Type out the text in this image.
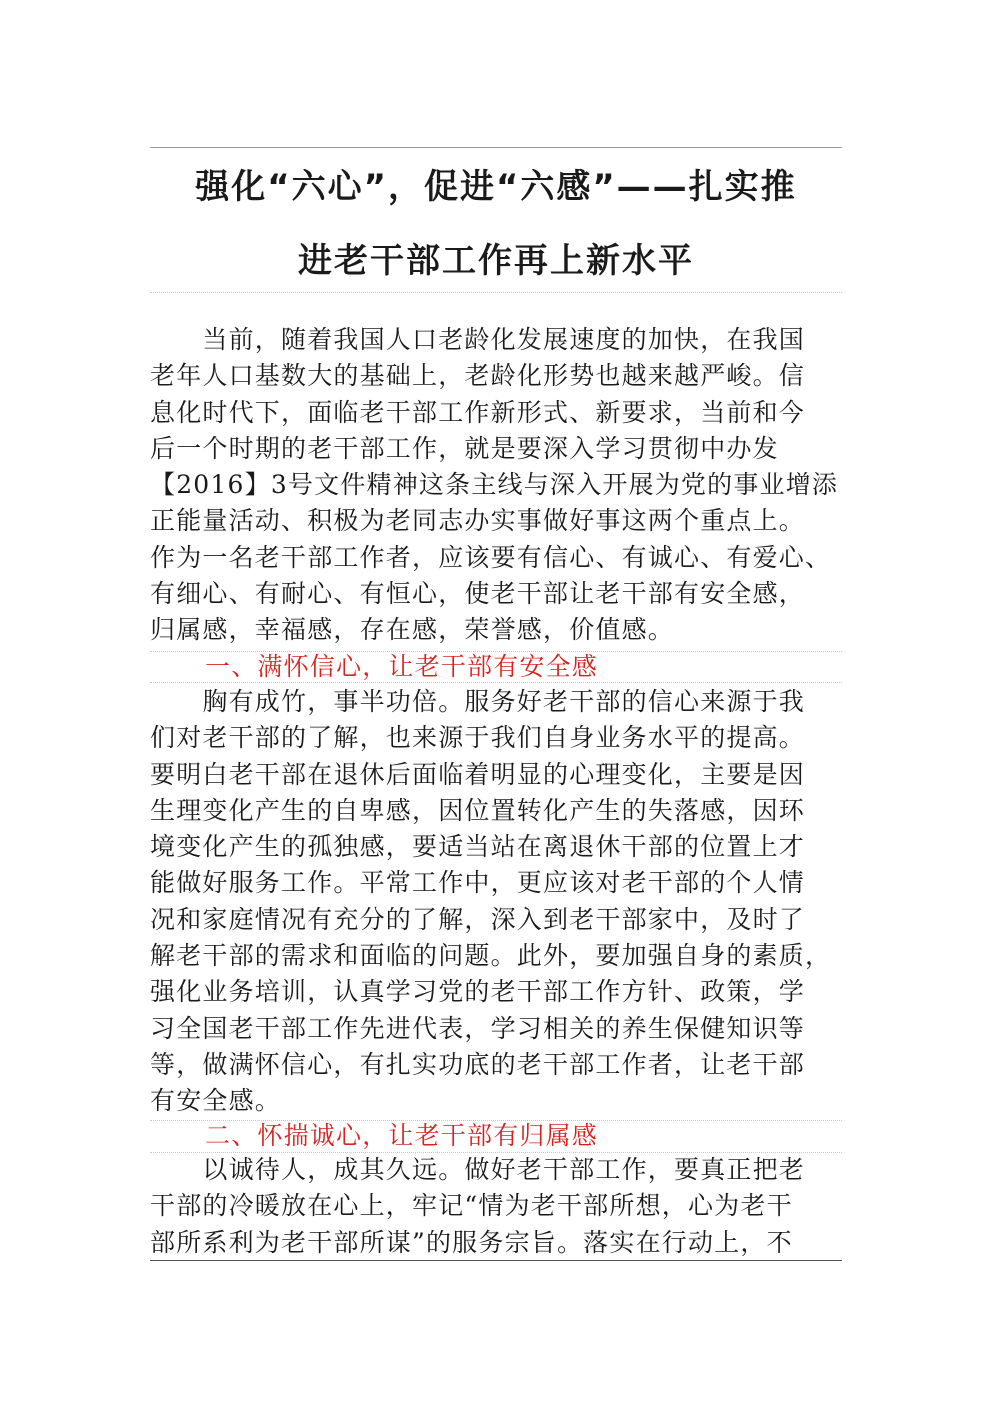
强化“六心”，促进“六感”——扎实推
进老干部工作再上新水平
　　当前，随着我国人口老龄化发展速度的加快，在我国
老年人口基数大的基础上，老龄化形势也越来越严峻。信
息化时代下，面临老干部工作新形式、新要求，当前和今
后一个时期的老干部工作，就是要深入学习贯彻中办发
【2016】3号文件精神这条主线与深入开展为党的事业增添
正能量活动、积极为老同志办实事做好事这两个重点上。
作为一名老干部工作者，应该要有信心、有诚心、有爱心、
有细心、有耐心、有恒心，使老干部让老干部有安全感，
归属感，幸福感，存在感，荣誉感，价值感。
一、满怀信心，让老干部有安全感
　　胸有成竹，事半功倍。服务好老干部的信心来源于我
们对老干部的了解，也来源于我们自身业务水平的提高。
要明白老干部在退休后面临着明显的心理变化，主要是因
生理变化产生的自卑感，因位置转化产生的失落感，因环
境变化产生的孤独感，要适当站在离退休干部的位置上才
能做好服务工作。平常工作中，更应该对老干部的个人情
况和家庭情况有充分的了解，深入到老干部家中，及时了
解老干部的需求和面临的问题。此外，要加强自身的素质，
强化业务培训，认真学习党的老干部工作方针、政策，学
习全国老干部工作先进代表，学习相关的养生保健知识等
等，做满怀信心，有扎实功底的老干部工作者，让老干部
有安全感。
二、怀揣诚心，让老干部有归属感
　　以诚待人，成其久远。做好老干部工作，要真正把老
干部的冷暖放在心上，牢记“情为老干部所想，心为老干
部所系利为老干部所谋”的服务宗旨。落实在行动上，不
